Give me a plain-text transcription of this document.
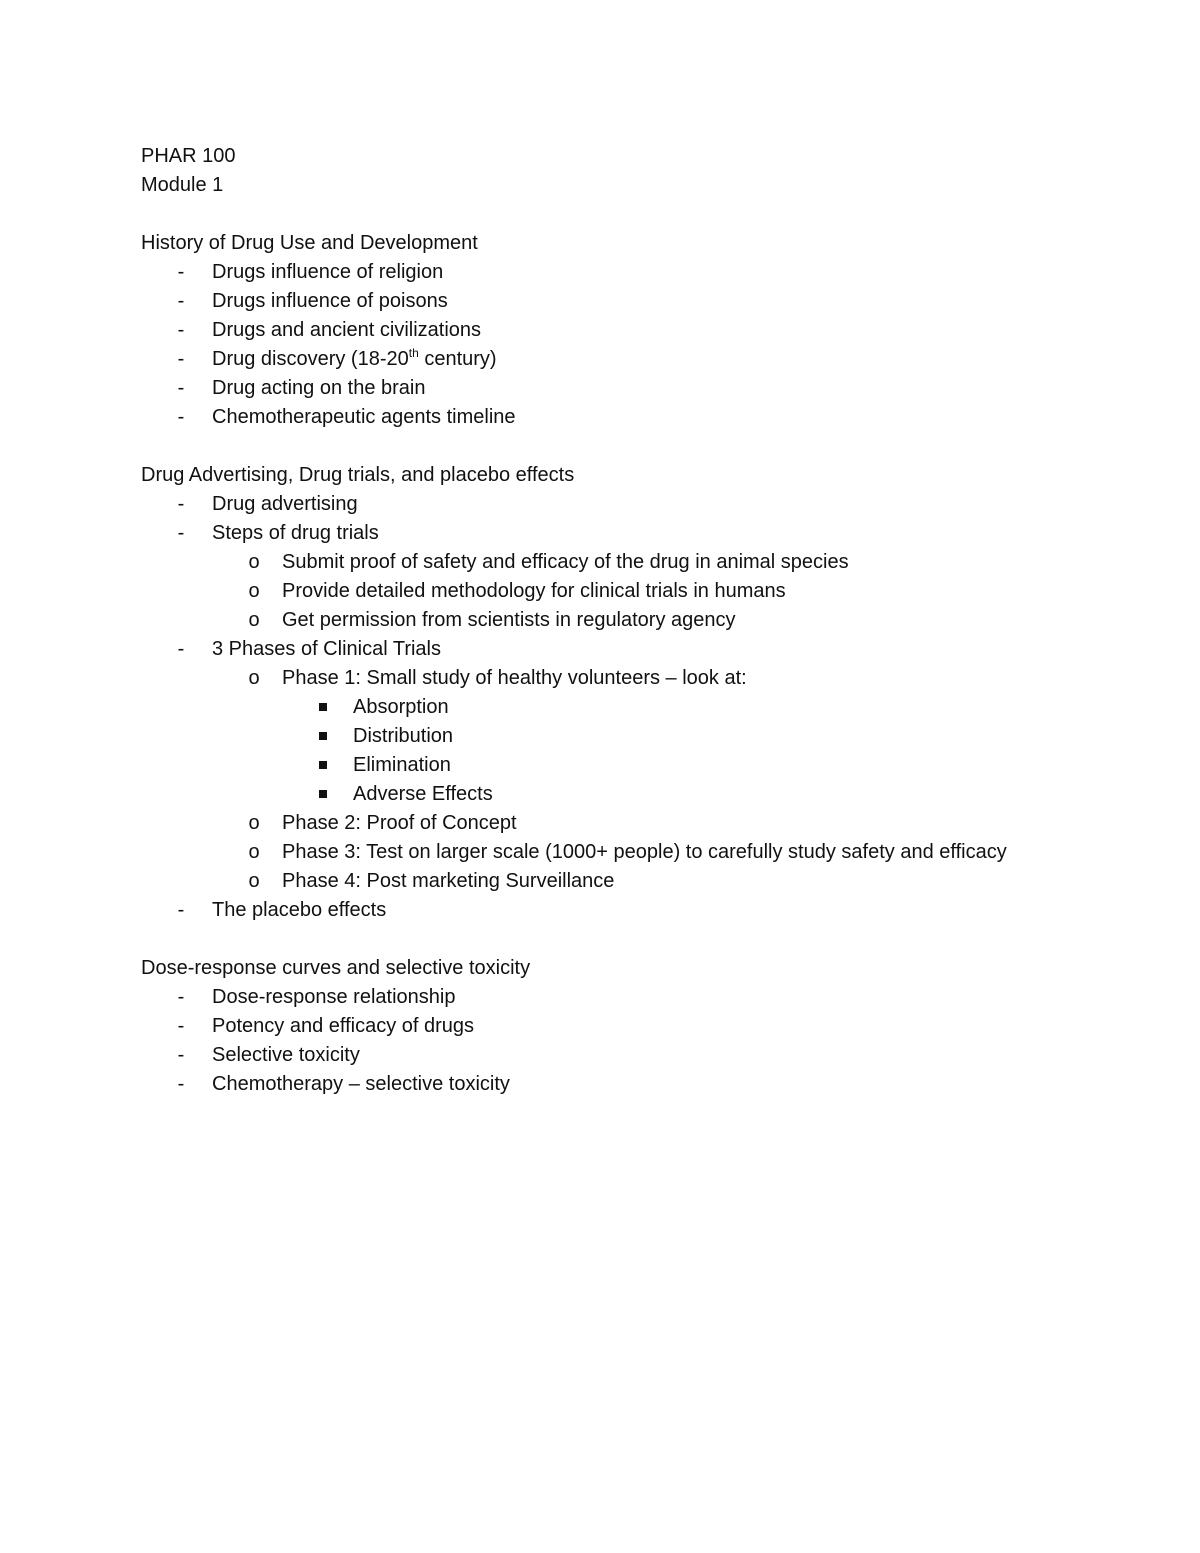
PHAR 100
Module 1
History of Drug Use and Development
-	Drugs influence of religion
-	Drugs influence of poisons
-	Drugs and ancient civilizations
-	Drug discovery (18-20th century)
-	Drug acting on the brain
-	Chemotherapeutic agents timeline
Drug Advertising, Drug trials, and placebo effects
-	Drug advertising
-	Steps of drug trials
o Submit proof of safety and efficacy of the drug in animal species
o Provide detailed methodology for clinical trials in humans
o Get permission from scientists in regulatory agency
-	3 Phases of Clinical Trials
o Phase 1: Small study of healthy volunteers – look at:
Absorption
Distribution
Elimination
Adverse Effects
o Phase 2: Proof of Concept
o Phase 3: Test on larger scale (1000+ people) to carefully study safety and efficacy
o Phase 4: Post marketing Surveillance
-	The placebo effects
Dose-response curves and selective toxicity
-	Dose-response relationship
-	Potency and efficacy of drugs
-	Selective toxicity
-	Chemotherapy – selective toxicity
